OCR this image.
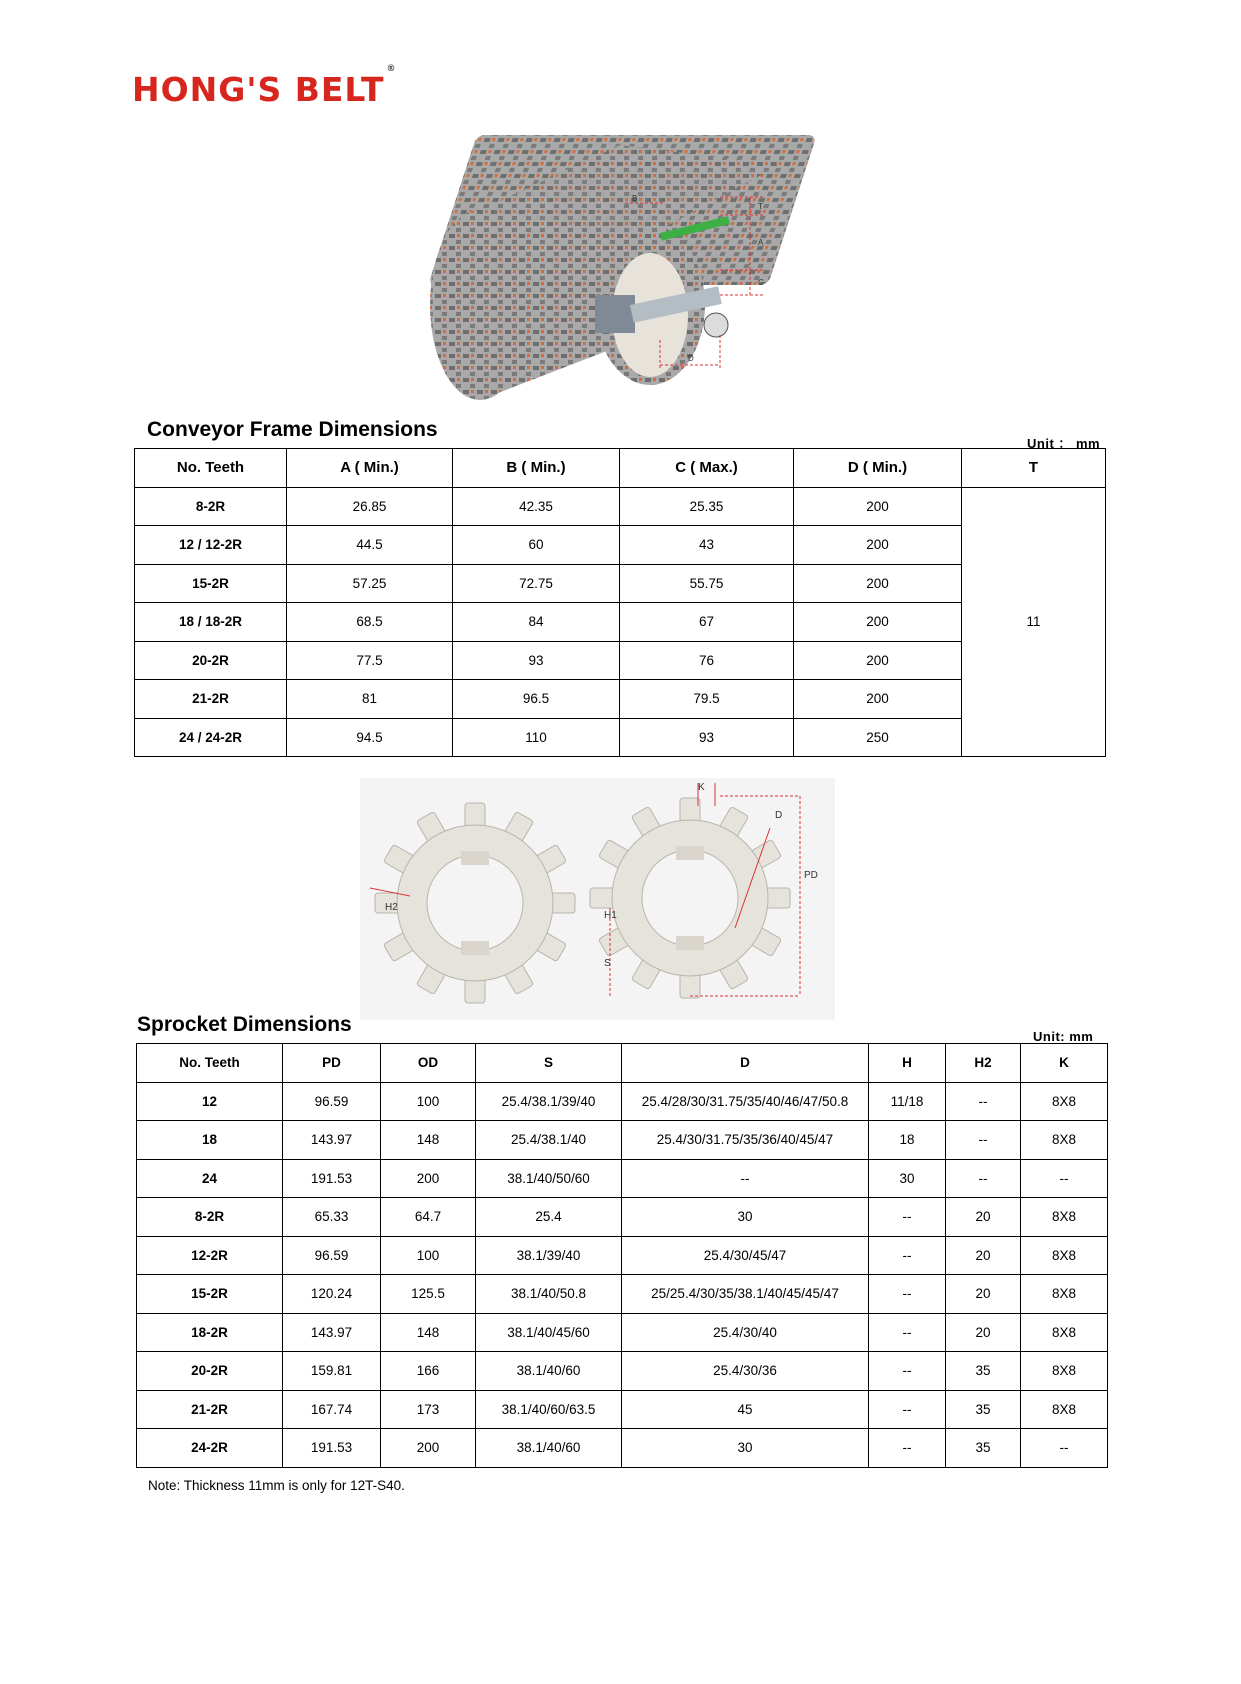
HONG'S BELT®
T
A
C
B
D
Conveyor Frame Dimensions
Unit ： mm
No. Teeth	A ( Min.)	B ( Min.)	C ( Max.)	D ( Min.)	T
8-2R	26.85	42.35	25.35	200	11
12 / 12-2R	44.5	60	43	200	
15-2R	57.25	72.75	55.75	200	
18 / 18-2R	68.5	84	67	200	
20-2R	77.5	93	76	200	
21-2R	81	96.5	79.5	200	
24 / 24-2R	94.5	110	93	250	
K
D
PD
H1
H2
S
Sprocket Dimensions
Unit: mm
No. Teeth	PD	OD	S	D	H	H2	K
12	96.59	100	25.4/38.1/39/40	25.4/28/30/31.75/35/40/46/47/50.8	11/18	--	8X8
18	143.97	148	25.4/38.1/40	25.4/30/31.75/35/36/40/45/47	18	--	8X8
24	191.53	200	38.1/40/50/60	--	30	--	--
8-2R	65.33	64.7	25.4	30	--	20	8X8
12-2R	96.59	100	38.1/39/40	25.4/30/45/47	--	20	8X8
15-2R	120.24	125.5	38.1/40/50.8	25/25.4/30/35/38.1/40/45/45/47	--	20	8X8
18-2R	143.97	148	38.1/40/45/60	25.4/30/40	--	20	8X8
20-2R	159.81	166	38.1/40/60	25.4/30/36	--	35	8X8
21-2R	167.74	173	38.1/40/60/63.5	45	--	35	8X8
24-2R	191.53	200	38.1/40/60	30	--	35	--
Note: Thickness 11mm is only for 12T-S40.
